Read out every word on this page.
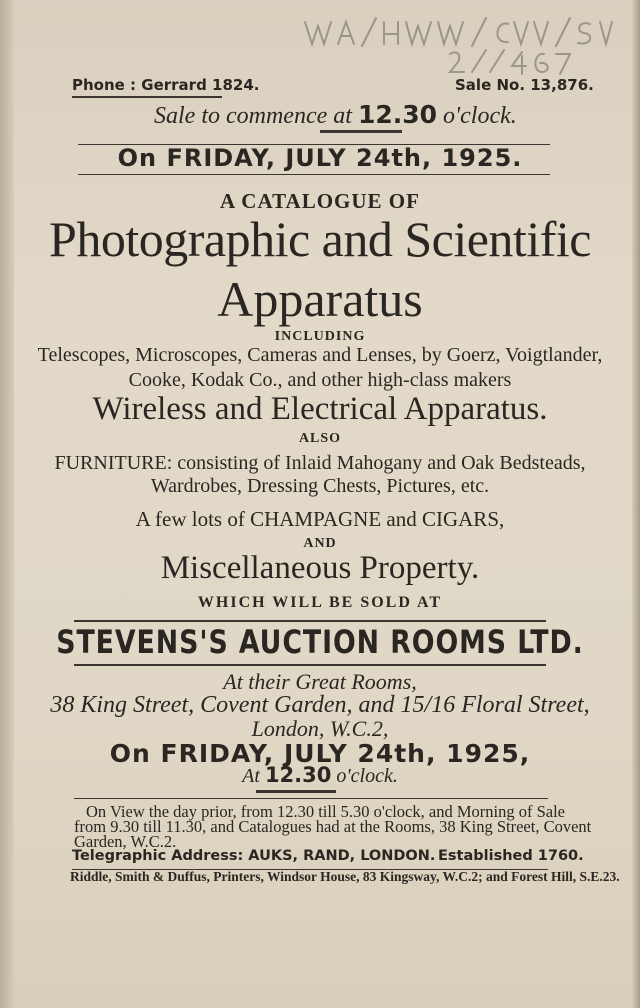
Phone : Gerrard 1824.	Sale No. 13,876.
Sale to commence at 12.30 o'clock.
On FRIDAY, JULY 24th, 1925.
A CATALOGUE OF
Photographic and Scientific
Apparatus
INCLUDING
Telescopes, Microscopes, Cameras and Lenses, by Goerz, Voigtlander,
Cooke, Kodak Co., and other high-class makers
Wireless and Electrical Apparatus.
ALSO
FURNITURE: consisting of Inlaid Mahogany and Oak Bedsteads,
Wardrobes, Dressing Chests, Pictures, etc.
A few lots of CHAMPAGNE and CIGARS,
AND
Miscellaneous Property.
WHICH WILL BE SOLD AT
STEVENS'S AUCTION ROOMS LTD.
At their Great Rooms,
38 King Street, Covent Garden, and 15/16 Floral Street,
London, W.C.2,
On FRIDAY, JULY 24th, 1925,
At 12.30 o'clock.
On View the day prior, from 12.30 till 5.30 o'clock, and Morning of Sale
from 9.30 till 11.30, and Catalogues had at the Rooms, 38 King Street, Covent
Garden, W.C.2.
Telegraphic Address: AUKS, RAND, LONDON. Established 1760.
Riddle, Smith & Duffus, Printers, Windsor House, 83 Kingsway, W.C.2; and Forest Hill, S.E.23.
